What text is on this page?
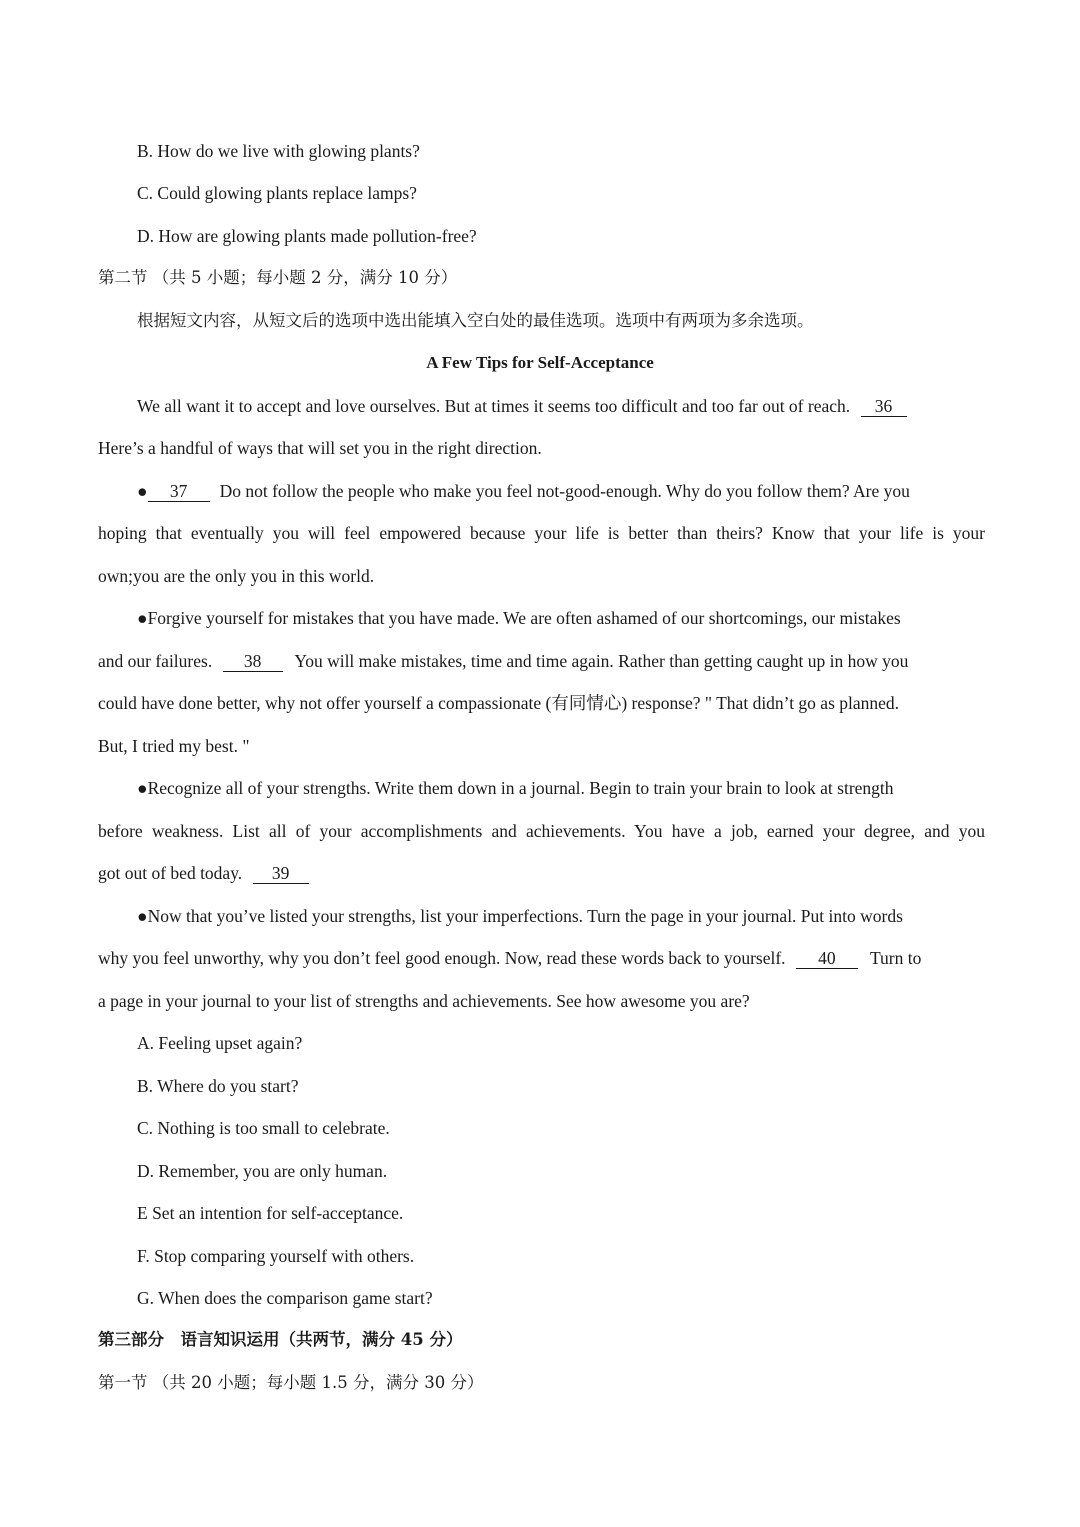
B. How do we live with glowing plants?
C. Could glowing plants replace lamps?
D. How are glowing plants made pollution-free?
第二节 （共 5 小题；每小题 2 分，满分 10 分）
根据短文内容，从短文后的选项中选出能填入空白处的最佳选项。选项中有两项为多余选项。
A Few Tips for Self-Acceptance
We all want it to accept and love ourselves. But at times it seems too difficult and too far out of reach. 36
Here’s a handful of ways that will set you in the right direction.
● 37 Do not follow the people who make you feel not-good-enough. Why do you follow them? Are you
hoping that eventually you will feel empowered because your life is better than theirs? Know that your life is your
own;you are the only you in this world.
●Forgive yourself for mistakes that you have made. We are often ashamed of our shortcomings, our mistakes
and our failures. 38 You will make mistakes, time and time again. Rather than getting caught up in how you
could have done better, why not offer yourself a compassionate (有同情心) response? " That didn’t go as planned.
But, I tried my best. "
●Recognize all of your strengths. Write them down in a journal. Begin to train your brain to look at strength
before weakness. List all of your accomplishments and achievements. You have a job, earned your degree, and you
got out of bed today. 39
●Now that you’ve listed your strengths, list your imperfections. Turn the page in your journal. Put into words
why you feel unworthy, why you don’t feel good enough. Now, read these words back to yourself. 40 Turn to
a page in your journal to your list of strengths and achievements. See how awesome you are?
A. Feeling upset again?
B. Where do you start?
C. Nothing is too small to celebrate.
D. Remember, you are only human.
E Set an intention for self-acceptance.
F. Stop comparing yourself with others.
G. When does the comparison game start?
第三部分　语言知识运用（共两节，满分 45 分）
第一节 （共 20 小题；每小题 1.5 分，满分 30 分）
